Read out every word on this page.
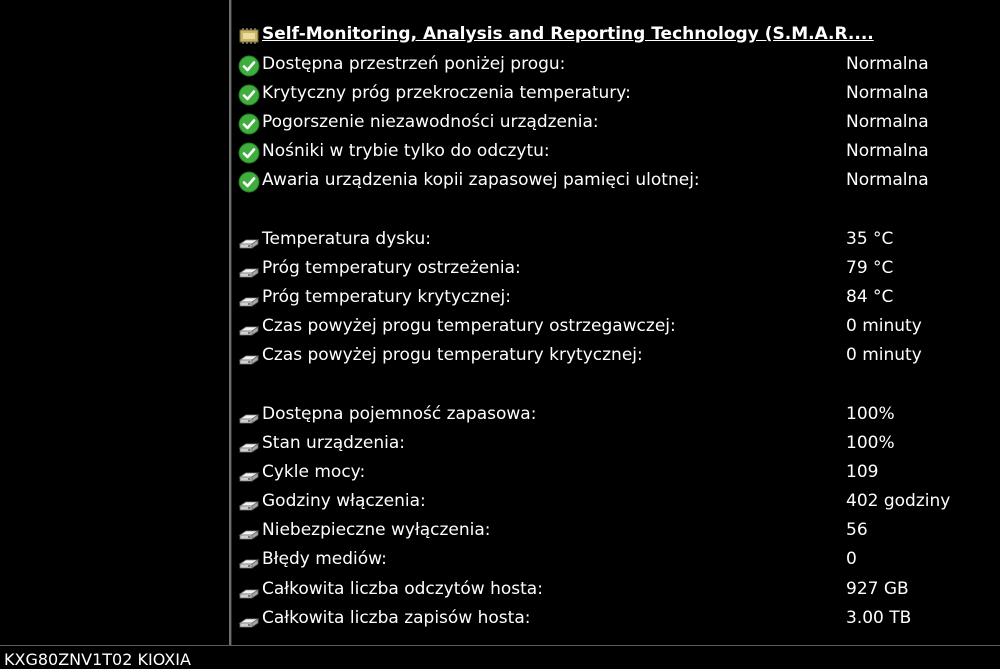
Self-Monitoring, Analysis and Reporting Technology (S.M.A.R....
Dostępna przestrzeń poniżej progu:	Normalna
Krytyczny próg przekroczenia temperatury:	Normalna
Pogorszenie niezawodności urządzenia:	Normalna
Nośniki w trybie tylko do odczytu:	Normalna
Awaria urządzenia kopii zapasowej pamięci ulotnej:	Normalna
Temperatura dysku:	35 °C
Próg temperatury ostrzeżenia:	79 °C
Próg temperatury krytycznej:	84 °C
Czas powyżej progu temperatury ostrzegawczej:	0 minuty
Czas powyżej progu temperatury krytycznej:	0 minuty
Dostępna pojemność zapasowa:	100%
Stan urządzenia:	100%
Cykle mocy:	109
Godziny włączenia:	402 godziny
Niebezpieczne wyłączenia:	56
Błędy mediów:	0
Całkowita liczba odczytów hosta:	927 GB
Całkowita liczba zapisów hosta:	3.00 TB
KXG80ZNV1T02 KIOXIA
